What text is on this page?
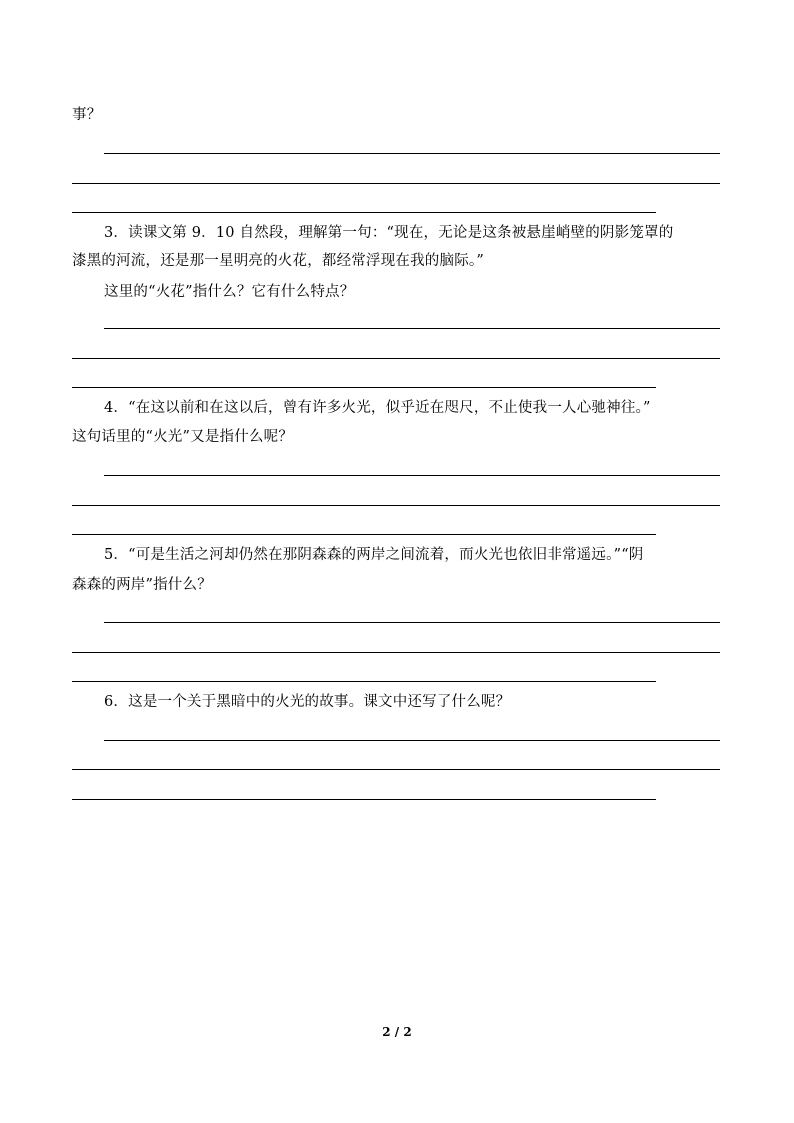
事？
3．读课文第 9．10 自然段，理解第一句：“现在，无论是这条被悬崖峭壁的阴影笼罩的
漆黑的河流，还是那一星明亮的火花，都经常浮现在我的脑际。”
这里的“火花”指什么？它有什么特点？
4．“在这以前和在这以后，曾有许多火光，似乎近在咫尺，不止使我一人心驰神往。”
这句话里的“火光”又是指什么呢？
5．“可是生活之河却仍然在那阴森森的两岸之间流着，而火光也依旧非常遥远。”“阴
森森的两岸”指什么？
6．这是一个关于黑暗中的火光的故事。课文中还写了什么呢？
2 / 2
